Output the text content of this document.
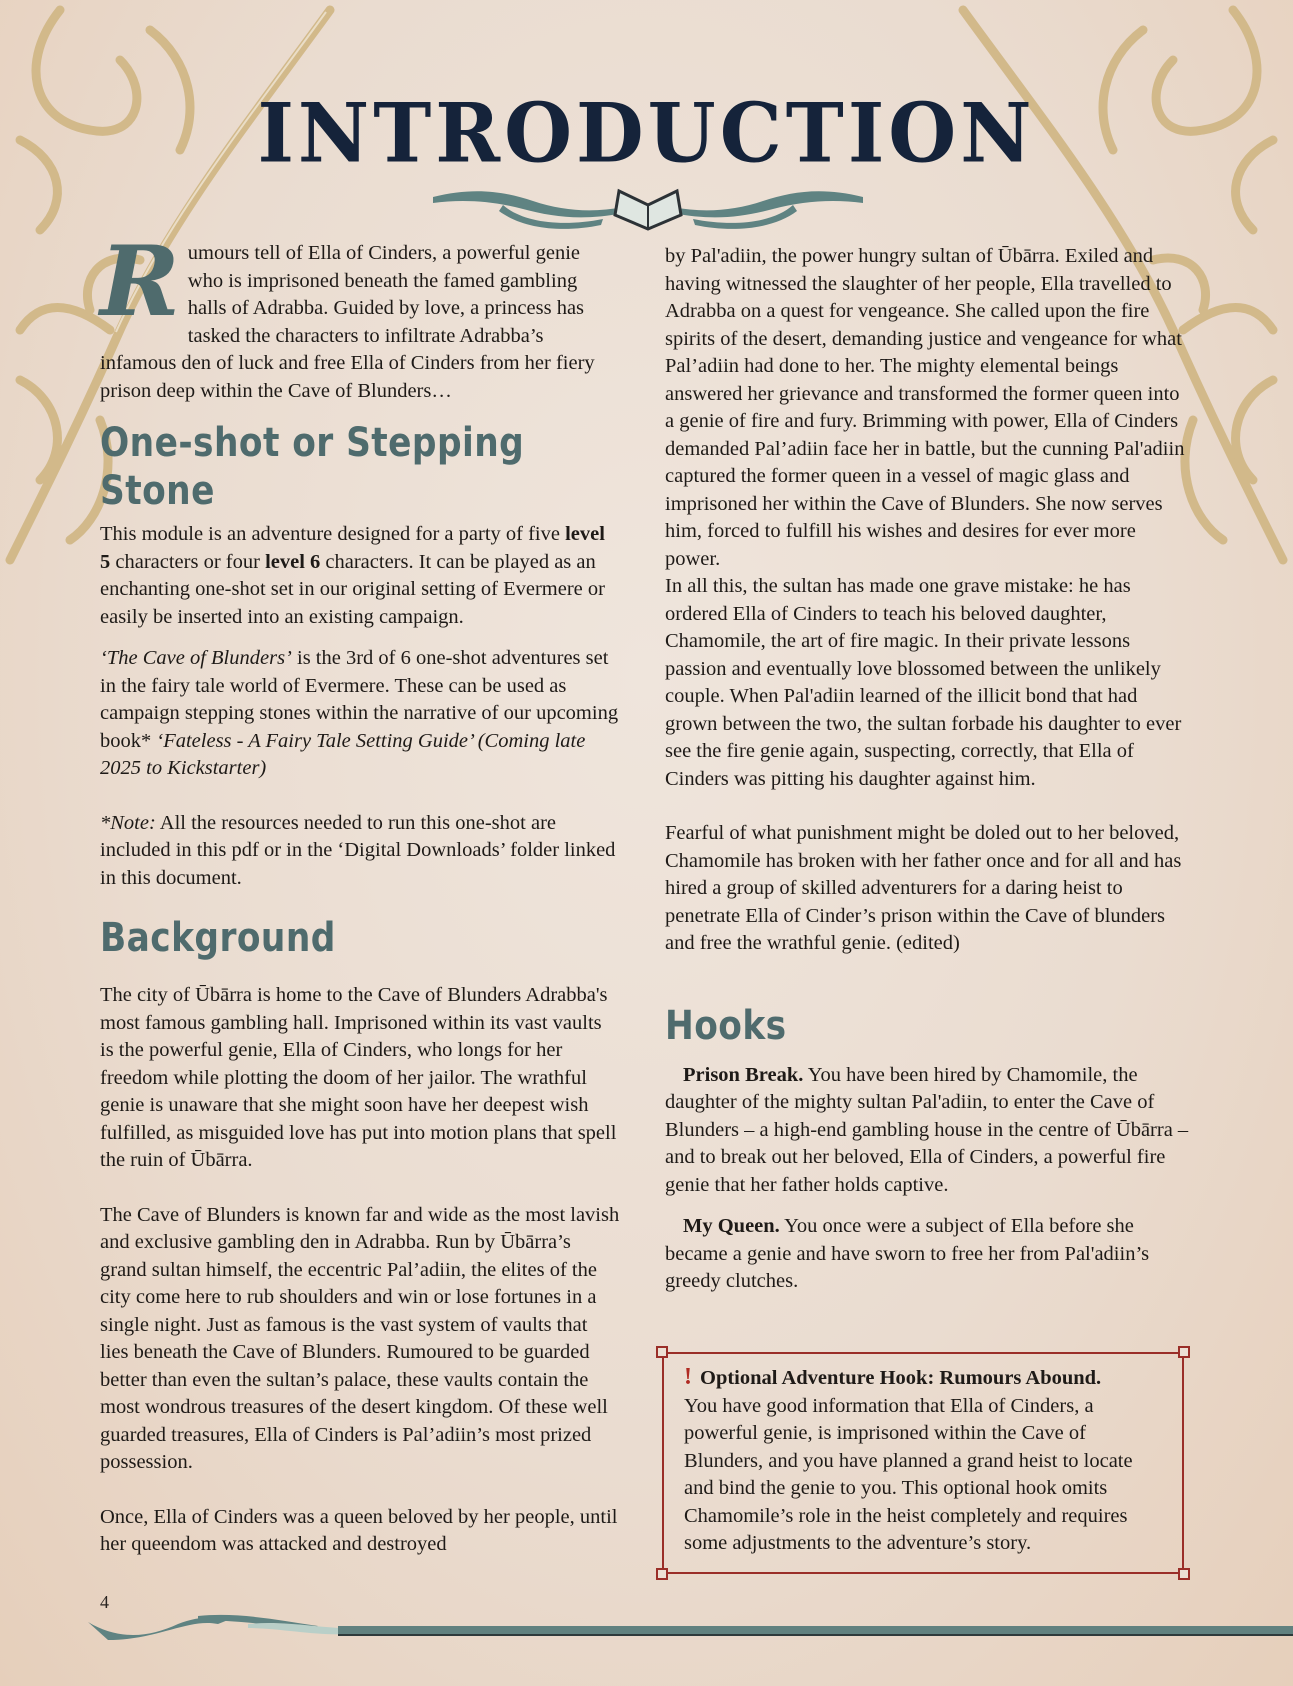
INTRODUCTION
R umours tell of Ella of Cinders, a powerful genie who is imprisoned beneath the famed gambling halls of Adrabba. Guided by love, a princess has tasked the characters to infiltrate Adrabba’s infamous den of luck and free Ella of Cinders from her fiery prison deep within the Cave of Blunders…

One-shot or Stepping Stone

This module is an adventure designed for a party of five level 5 characters or four level 6 characters. It can be played as an enchanting one-shot set in our original setting of Evermere or easily be inserted into an existing campaign.

‘The Cave of Blunders’ is the 3rd of 6 one-shot adventures set in the fairy tale world of Evermere. These can be used as campaign stepping stones within the narrative of our upcoming book* ‘Fateless - A Fairy Tale Setting Guide’ (Coming late 2025 to Kickstarter)

*Note: All the resources needed to run this one-shot are included in this pdf or in the ‘Digital Downloads’ folder linked in this document.

Background

The city of Ūbārra is home to the Cave of Blunders Adrabba's most famous gambling hall. Imprisoned within its vast vaults is the powerful genie, Ella of Cinders, who longs for her freedom while plotting the doom of her jailor. The wrathful genie is unaware that she might soon have her deepest wish fulfilled, as misguided love has put into motion plans that spell the ruin of Ūbārra.

The Cave of Blunders is known far and wide as the most lavish and exclusive gambling den in Adrabba. Run by Ūbārra’s grand sultan himself, the eccentric Pal’adiin, the elites of the city come here to rub shoulders and win or lose fortunes in a single night. Just as famous is the vast system of vaults that lies beneath the Cave of Blunders. Rumoured to be guarded better than even the sultan’s palace, these vaults contain the most wondrous treasures of the desert kingdom. Of these well guarded treasures, Ella of Cinders is Pal’adiin’s most prized possession.

Once, Ella of Cinders was a queen beloved by her people, until her queendom was attacked and destroyed

by Pal'adiin, the power hungry sultan of Ūbārra. Exiled and having witnessed the slaughter of her people, Ella travelled to Adrabba on a quest for vengeance. She called upon the fire spirits of the desert, demanding justice and vengeance for what Pal’adiin had done to her. The mighty elemental beings answered her grievance and transformed the former queen into a genie of fire and fury. Brimming with power, Ella of Cinders demanded Pal’adiin face her in battle, but the cunning Pal'adiin captured the former queen in a vessel of magic glass and imprisoned her within the Cave of Blunders. She now serves him, forced to fulfill his wishes and desires for ever more power.

In all this, the sultan has made one grave mistake: he has ordered Ella of Cinders to teach his beloved daughter, Chamomile, the art of fire magic. In their private lessons passion and eventually love blossomed between the unlikely couple. When Pal'adiin learned of the illicit bond that had grown between the two, the sultan forbade his daughter to ever see the fire genie again, suspecting, correctly, that Ella of Cinders was pitting his daughter against him.

Fearful of what punishment might be doled out to her beloved, Chamomile has broken with her father once and for all and has hired a group of skilled adventurers for a daring heist to penetrate Ella of Cinder’s prison within the Cave of blunders and free the wrathful genie. (edited)

Hooks

Prison Break. You have been hired by Chamomile, the daughter of the mighty sultan Pal'adiin, to enter the Cave of Blunders – a high-end gambling house in the centre of Ūbārra – and to break out her beloved, Ella of Cinders, a powerful fire genie that her father holds captive.

My Queen. You once were a subject of Ella before she became a genie and have sworn to free her from Pal'adiin’s greedy clutches.

! Optional Adventure Hook: Rumours Abound.
You have good information that Ella of Cinders, a powerful genie, is imprisoned within the Cave of Blunders, and you have planned a grand heist to locate and bind the genie to you. This optional hook omits Chamomile’s role in the heist completely and requires some adjustments to the adventure’s story.

4
